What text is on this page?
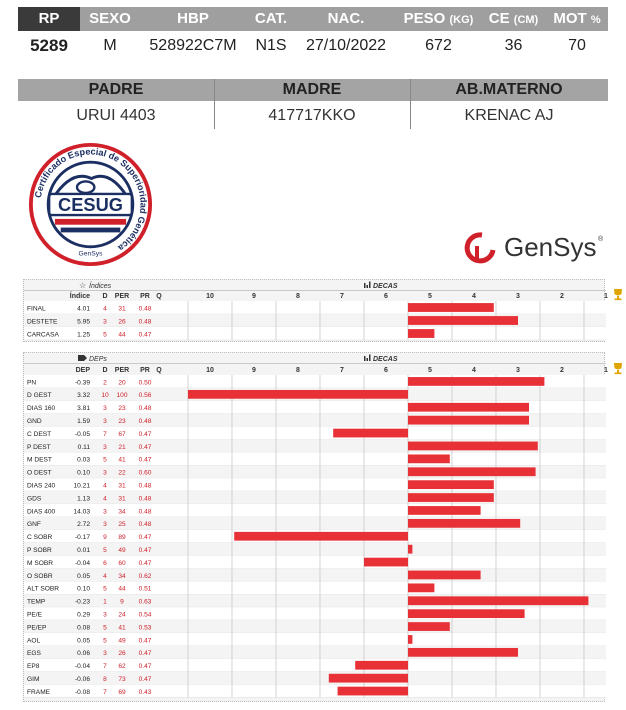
RP	SEXO	HBP	CAT.	NAC.	PESO (KG)	CE (CM)	MOT %
5289	M	528922C7M	N1S	27/10/2022	672	36	70
PADRE	MADRE	AB.MATERNO
URUI 4403	417717KKO	KRENAC AJ
Certificado Especial de Superioridad Genética
CESUG
GenSys	GenSys ®
☆ Índices	DECAS
Índice D PER PR Q	10	9	8	7	6	5	4	3	2	1
FINAL	4.01 4 31 0.48
DESTETE	5.95 3 26 0.48
CARCASA	1.25 5 44 0.47
DEPs	DECAS
DEP D PER PR Q	10	9	8	7	6	5	4	3	2	1
PN	-0.39 2 20 0.50
D GEST	3.32 10 100 0.56
DIAS 160	3.81 3 23 0.48
GND	1.59 3 23 0.48
C DEST	-0.05 7 67 0.47
P DEST	0.11 3 21 0.47
M DEST	0.03 5 41 0.47
O DEST	0.10 3 22 0.60
DIAS 240	10.21 4 31 0.48
GDS	1.13 4 31 0.48
DIAS 400	14.03 3 34 0.48
GNF	2.72 3 25 0.48
C SOBR	-0.17 9 89 0.47
P SOBR	0.01 5 49 0.47
M SOBR	-0.04 6 60 0.47
O SOBR	0.05 4 34 0.62
ALT SOBR	0.10 5 44 0.51
TEMP	-0.23 1 9 0.63
PE/E	0.29 3 24 0.54
PE/EP	0.08 5 41 0.53
AOL	0.05 5 49 0.47
EGS	0.06 3 26 0.47
EP8	-0.04 7 62 0.47
GIM	-0.06 8 73 0.47
FRAME	-0.08 7 69 0.43
